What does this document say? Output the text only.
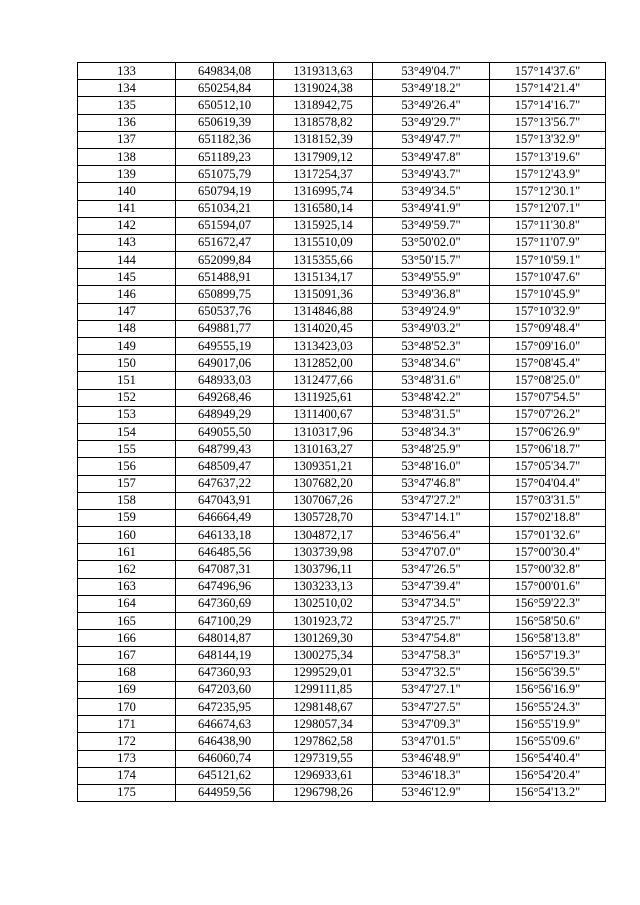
133	649834,08	1319313,63	53°49'04.7"	157°14'37.6"
134	650254,84	1319024,38	53°49'18.2"	157°14'21.4"
135	650512,10	1318942,75	53°49'26.4"	157°14'16.7"
136	650619,39	1318578,82	53°49'29.7"	157°13'56.7"
137	651182,36	1318152,39	53°49'47.7"	157°13'32.9"
138	651189,23	1317909,12	53°49'47.8"	157°13'19.6"
139	651075,79	1317254,37	53°49'43.7"	157°12'43.9"
140	650794,19	1316995,74	53°49'34.5"	157°12'30.1"
141	651034,21	1316580,14	53°49'41.9"	157°12'07.1"
142	651594,07	1315925,14	53°49'59.7"	157°11'30.8"
143	651672,47	1315510,09	53°50'02.0"	157°11'07.9"
144	652099,84	1315355,66	53°50'15.7"	157°10'59.1"
145	651488,91	1315134,17	53°49'55.9"	157°10'47.6"
146	650899,75	1315091,36	53°49'36.8"	157°10'45.9"
147	650537,76	1314846,88	53°49'24.9"	157°10'32.9"
148	649881,77	1314020,45	53°49'03.2"	157°09'48.4"
149	649555,19	1313423,03	53°48'52.3"	157°09'16.0"
150	649017,06	1312852,00	53°48'34.6"	157°08'45.4"
151	648933,03	1312477,66	53°48'31.6"	157°08'25.0"
152	649268,46	1311925,61	53°48'42.2"	157°07'54.5"
153	648949,29	1311400,67	53°48'31.5"	157°07'26.2"
154	649055,50	1310317,96	53°48'34.3"	157°06'26.9"
155	648799,43	1310163,27	53°48'25.9"	157°06'18.7"
156	648509,47	1309351,21	53°48'16.0"	157°05'34.7"
157	647637,22	1307682,20	53°47'46.8"	157°04'04.4"
158	647043,91	1307067,26	53°47'27.2"	157°03'31.5"
159	646664,49	1305728,70	53°47'14.1"	157°02'18.8"
160	646133,18	1304872,17	53°46'56.4"	157°01'32.6"
161	646485,56	1303739,98	53°47'07.0"	157°00'30.4"
162	647087,31	1303796,11	53°47'26.5"	157°00'32.8"
163	647496,96	1303233,13	53°47'39.4"	157°00'01.6"
164	647360,69	1302510,02	53°47'34.5"	156°59'22.3"
165	647100,29	1301923,72	53°47'25.7"	156°58'50.6"
166	648014,87	1301269,30	53°47'54.8"	156°58'13.8"
167	648144,19	1300275,34	53°47'58.3"	156°57'19.3"
168	647360,93	1299529,01	53°47'32.5"	156°56'39.5"
169	647203,60	1299111,85	53°47'27.1"	156°56'16.9"
170	647235,95	1298148,67	53°47'27.5"	156°55'24.3"
171	646674,63	1298057,34	53°47'09.3"	156°55'19.9"
172	646438,90	1297862,58	53°47'01.5"	156°55'09.6"
173	646060,74	1297319,55	53°46'48.9"	156°54'40.4"
174	645121,62	1296933,61	53°46'18.3"	156°54'20.4"
175	644959,56	1296798,26	53°46'12.9"	156°54'13.2"
